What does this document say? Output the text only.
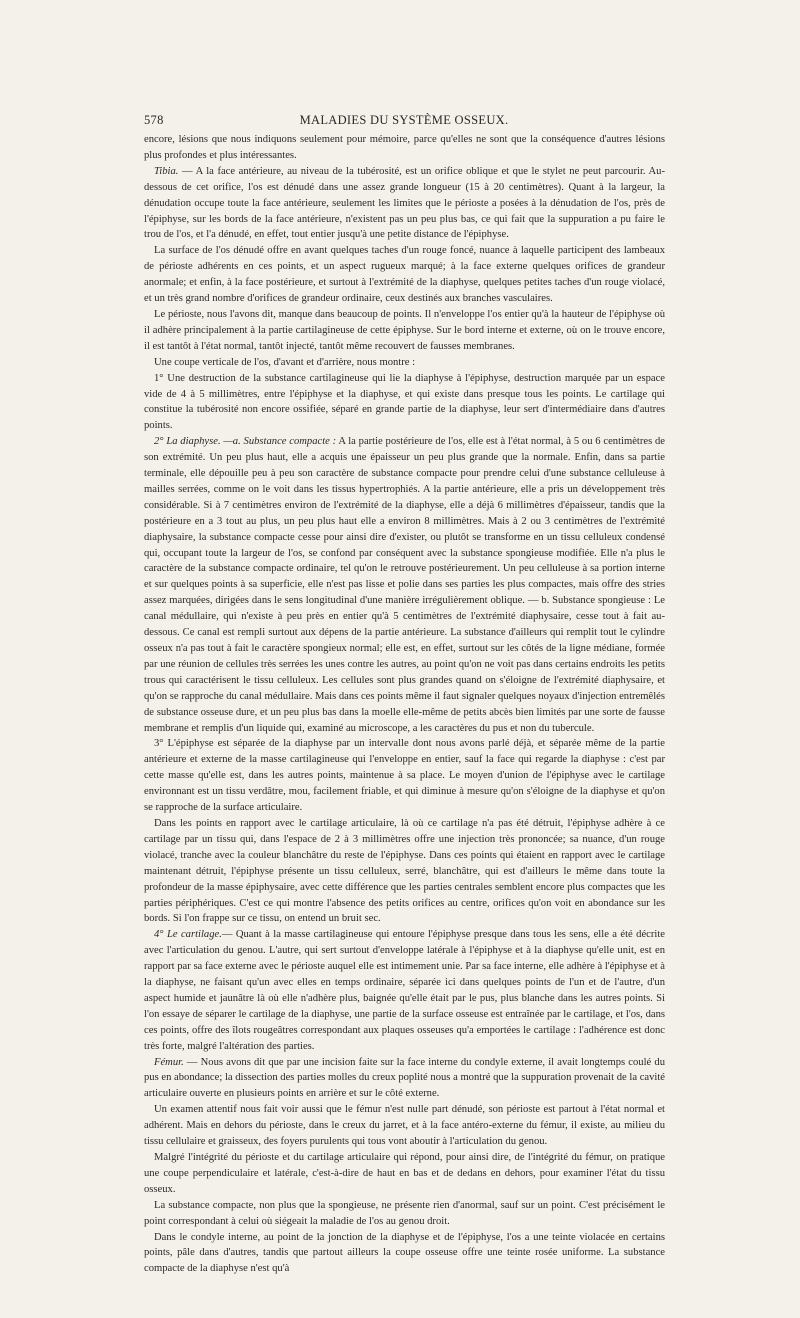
578	MALADIES DU SYSTÈME OSSEUX.

encore, lésions que nous indiquons seulement pour mémoire, parce qu'elles ne sont que la conséquence d'autres lésions plus profondes et plus intéressantes.

Tibia. — A la face antérieure, au niveau de la tubérosité, est un orifice oblique et que le stylet ne peut parcourir. Au-dessous de cet orifice, l'os est dénudé dans une assez grande longueur (15 à 20 centimètres). Quant à la largeur, la dénudation occupe toute la face antérieure, seulement les limites que le périoste a posées à la dénudation de l'os, près de l'épiphyse, sur les bords de la face antérieure, n'existent pas un peu plus bas, ce qui fait que la suppuration a pu faire le trou de l'os, et l'a dénudé, en effet, tout entier jusqu'à une petite distance de l'épiphyse.

La surface de l'os dénudé offre en avant quelques taches d'un rouge foncé, nuance à laquelle participent des lambeaux de périoste adhérents en ces points, et un aspect rugueux marqué; à la face externe quelques orifices de grandeur anormale; et enfin, à la face postérieure, et surtout à l'extrémité de la diaphyse, quelques petites taches d'un rouge violacé, et un très grand nombre d'orifices de grandeur ordinaire, ceux destinés aux branches vasculaires.

Le périoste, nous l'avons dit, manque dans beaucoup de points. Il n'enveloppe l'os entier qu'à la hauteur de l'épiphyse où il adhère principalement à la partie cartilagineuse de cette épiphyse. Sur le bord interne et externe, où on le trouve encore, il est tantôt à l'état normal, tantôt injecté, tantôt même recouvert de fausses membranes.

Une coupe verticale de l'os, d'avant et d'arrière, nous montre :

1° Une destruction de la substance cartilagineuse qui lie la diaphyse à l'épiphyse, destruction marquée par un espace vide de 4 à 5 millimètres, entre l'épiphyse et la diaphyse, et qui existe dans presque tous les points. Le cartilage qui constitue la tubérosité non encore ossifiée, séparé en grande partie de la diaphyse, leur sert d'intermédiaire dans d'autres points.

2° La diaphyse. —a. Substance compacte : A la partie postérieure de l'os, elle est à l'état normal, à 5 ou 6 centimètres de son extrémité. Un peu plus haut, elle a acquis une épaisseur un peu plus grande que la normale. Enfin, dans sa partie terminale, elle dépouille peu à peu son caractère de substance compacte pour prendre celui d'une substance celluleuse à mailles serrées, comme on le voit dans les tissus hypertrophiés. A la partie antérieure, elle a pris un développement très considérable. Si à 7 centimètres environ de l'extrémité de la diaphyse, elle a déjà 6 millimètres d'épaisseur, tandis que la postérieure en a 3 tout au plus, un peu plus haut elle a environ 8 millimètres. Mais à 2 ou 3 centimètres de l'extrémité diaphysaire, la substance compacte cesse pour ainsi dire d'exister, ou plutôt se transforme en un tissu celluleux condensé qui, occupant toute la largeur de l'os, se confond par conséquent avec la substance spongieuse modifiée. Elle n'a plus le caractère de la substance compacte ordinaire, tel qu'on le retrouve postérieurement. Un peu celluleuse à sa portion interne et sur quelques points à sa superficie, elle n'est pas lisse et polie dans ses parties les plus compactes, mais offre des stries assez marquées, dirigées dans le sens longitudinal d'une manière irrégulièrement oblique. — b. Substance spongieuse : Le canal médullaire, qui n'existe à peu près en entier qu'à 5 centimètres de l'extrémité diaphysaire, cesse tout à fait au-dessous. Ce canal est rempli surtout aux dépens de la partie antérieure. La substance d'ailleurs qui remplit tout le cylindre osseux n'a pas tout à fait le caractère spongieux normal; elle est, en effet, surtout sur les côtés de la ligne médiane, formée par une réunion de cellules très serrées les unes contre les autres, au point qu'on ne voit pas dans certains endroits les petits trous qui caractérisent le tissu celluleux. Les cellules sont plus grandes quand on s'éloigne de l'extrémité diaphysaire, et qu'on se rapproche du canal médullaire. Mais dans ces points même il faut signaler quelques noyaux d'injection entremêlés de substance osseuse dure, et un peu plus bas dans la moelle elle-même de petits abcès bien limités par une sorte de fausse membrane et remplis d'un liquide qui, examiné au microscope, a les caractères du pus et non du tubercule.

3° L'épiphyse est séparée de la diaphyse par un intervalle dont nous avons parlé déjà, et séparée même de la partie antérieure et externe de la masse cartilagineuse qui l'enveloppe en entier, sauf la face qui regarde la diaphyse : c'est par cette masse qu'elle est, dans les autres points, maintenue à sa place. Le moyen d'union de l'épiphyse avec le cartilage environnant est un tissu verdâtre, mou, facilement friable, et qui diminue à mesure qu'on s'éloigne de la diaphyse et qu'on se rapproche de la surface articulaire.

Dans les points en rapport avec le cartilage articulaire, là où ce cartilage n'a pas été détruit, l'épiphyse adhère à ce cartilage par un tissu qui, dans l'espace de 2 à 3 millimètres offre une injection très prononcée; sa nuance, d'un rouge violacé, tranche avec la couleur blanchâtre du reste de l'épiphyse. Dans ces points qui étaient en rapport avec le cartilage maintenant détruit, l'épiphyse présente un tissu celluleux, serré, blanchâtre, qui est d'ailleurs le même dans toute la profondeur de la masse épiphysaire, avec cette différence que les parties centrales semblent encore plus compactes que les parties périphériques. C'est ce qui montre l'absence des petits orifices au centre, orifices qu'on voit en abondance sur les bords. Si l'on frappe sur ce tissu, on entend un bruit sec.

4° Le cartilage.— Quant à la masse cartilagineuse qui entoure l'épiphyse presque dans tous les sens, elle a été décrite avec l'articulation du genou. L'autre, qui sert surtout d'enveloppe latérale à l'épiphyse et à la diaphyse qu'elle unit, est en rapport par sa face externe avec le périoste auquel elle est intimement unie. Par sa face interne, elle adhère à l'épiphyse et à la diaphyse, ne faisant qu'un avec elles en temps ordinaire, séparée ici dans quelques points de l'un et de l'autre, d'un aspect humide et jaunâtre là où elle n'adhère plus, baignée qu'elle était par le pus, plus blanche dans les autres points. Si l'on essaye de séparer le cartilage de la diaphyse, une partie de la surface osseuse est entraînée par le cartilage, et l'os, dans ces points, offre des îlots rougeâtres correspondant aux plaques osseuses qu'a emportées le cartilage : l'adhérence est donc très forte, malgré l'altération des parties.

Fémur. — Nous avons dit que par une incision faite sur la face interne du condyle externe, il avait longtemps coulé du pus en abondance; la dissection des parties molles du creux poplité nous a montré que la suppuration provenait de la cavité articulaire ouverte en plusieurs points en arrière et sur le côté externe.

Un examen attentif nous fait voir aussi que le fémur n'est nulle part dénudé, son périoste est partout à l'état normal et adhérent. Mais en dehors du périoste, dans le creux du jarret, et à la face antéro-externe du fémur, il existe, au milieu du tissu cellulaire et graisseux, des foyers purulents qui tous vont aboutir à l'articulation du genou.

Malgré l'intégrité du périoste et du cartilage articulaire qui répond, pour ainsi dire, de l'intégrité du fémur, on pratique une coupe perpendiculaire et latérale, c'est-à-dire de haut en bas et de dedans en dehors, pour examiner l'état du tissu osseux.

La substance compacte, non plus que la spongieuse, ne présente rien d'anormal, sauf sur un point. C'est précisément le point correspondant à celui où siégeait la maladie de l'os au genou droit.

Dans le condyle interne, au point de la jonction de la diaphyse et de l'épiphyse, l'os a une teinte violacée en certains points, pâle dans d'autres, tandis que partout ailleurs la coupe osseuse offre une teinte rosée uniforme. La substance compacte de la diaphyse n'est qu'à
